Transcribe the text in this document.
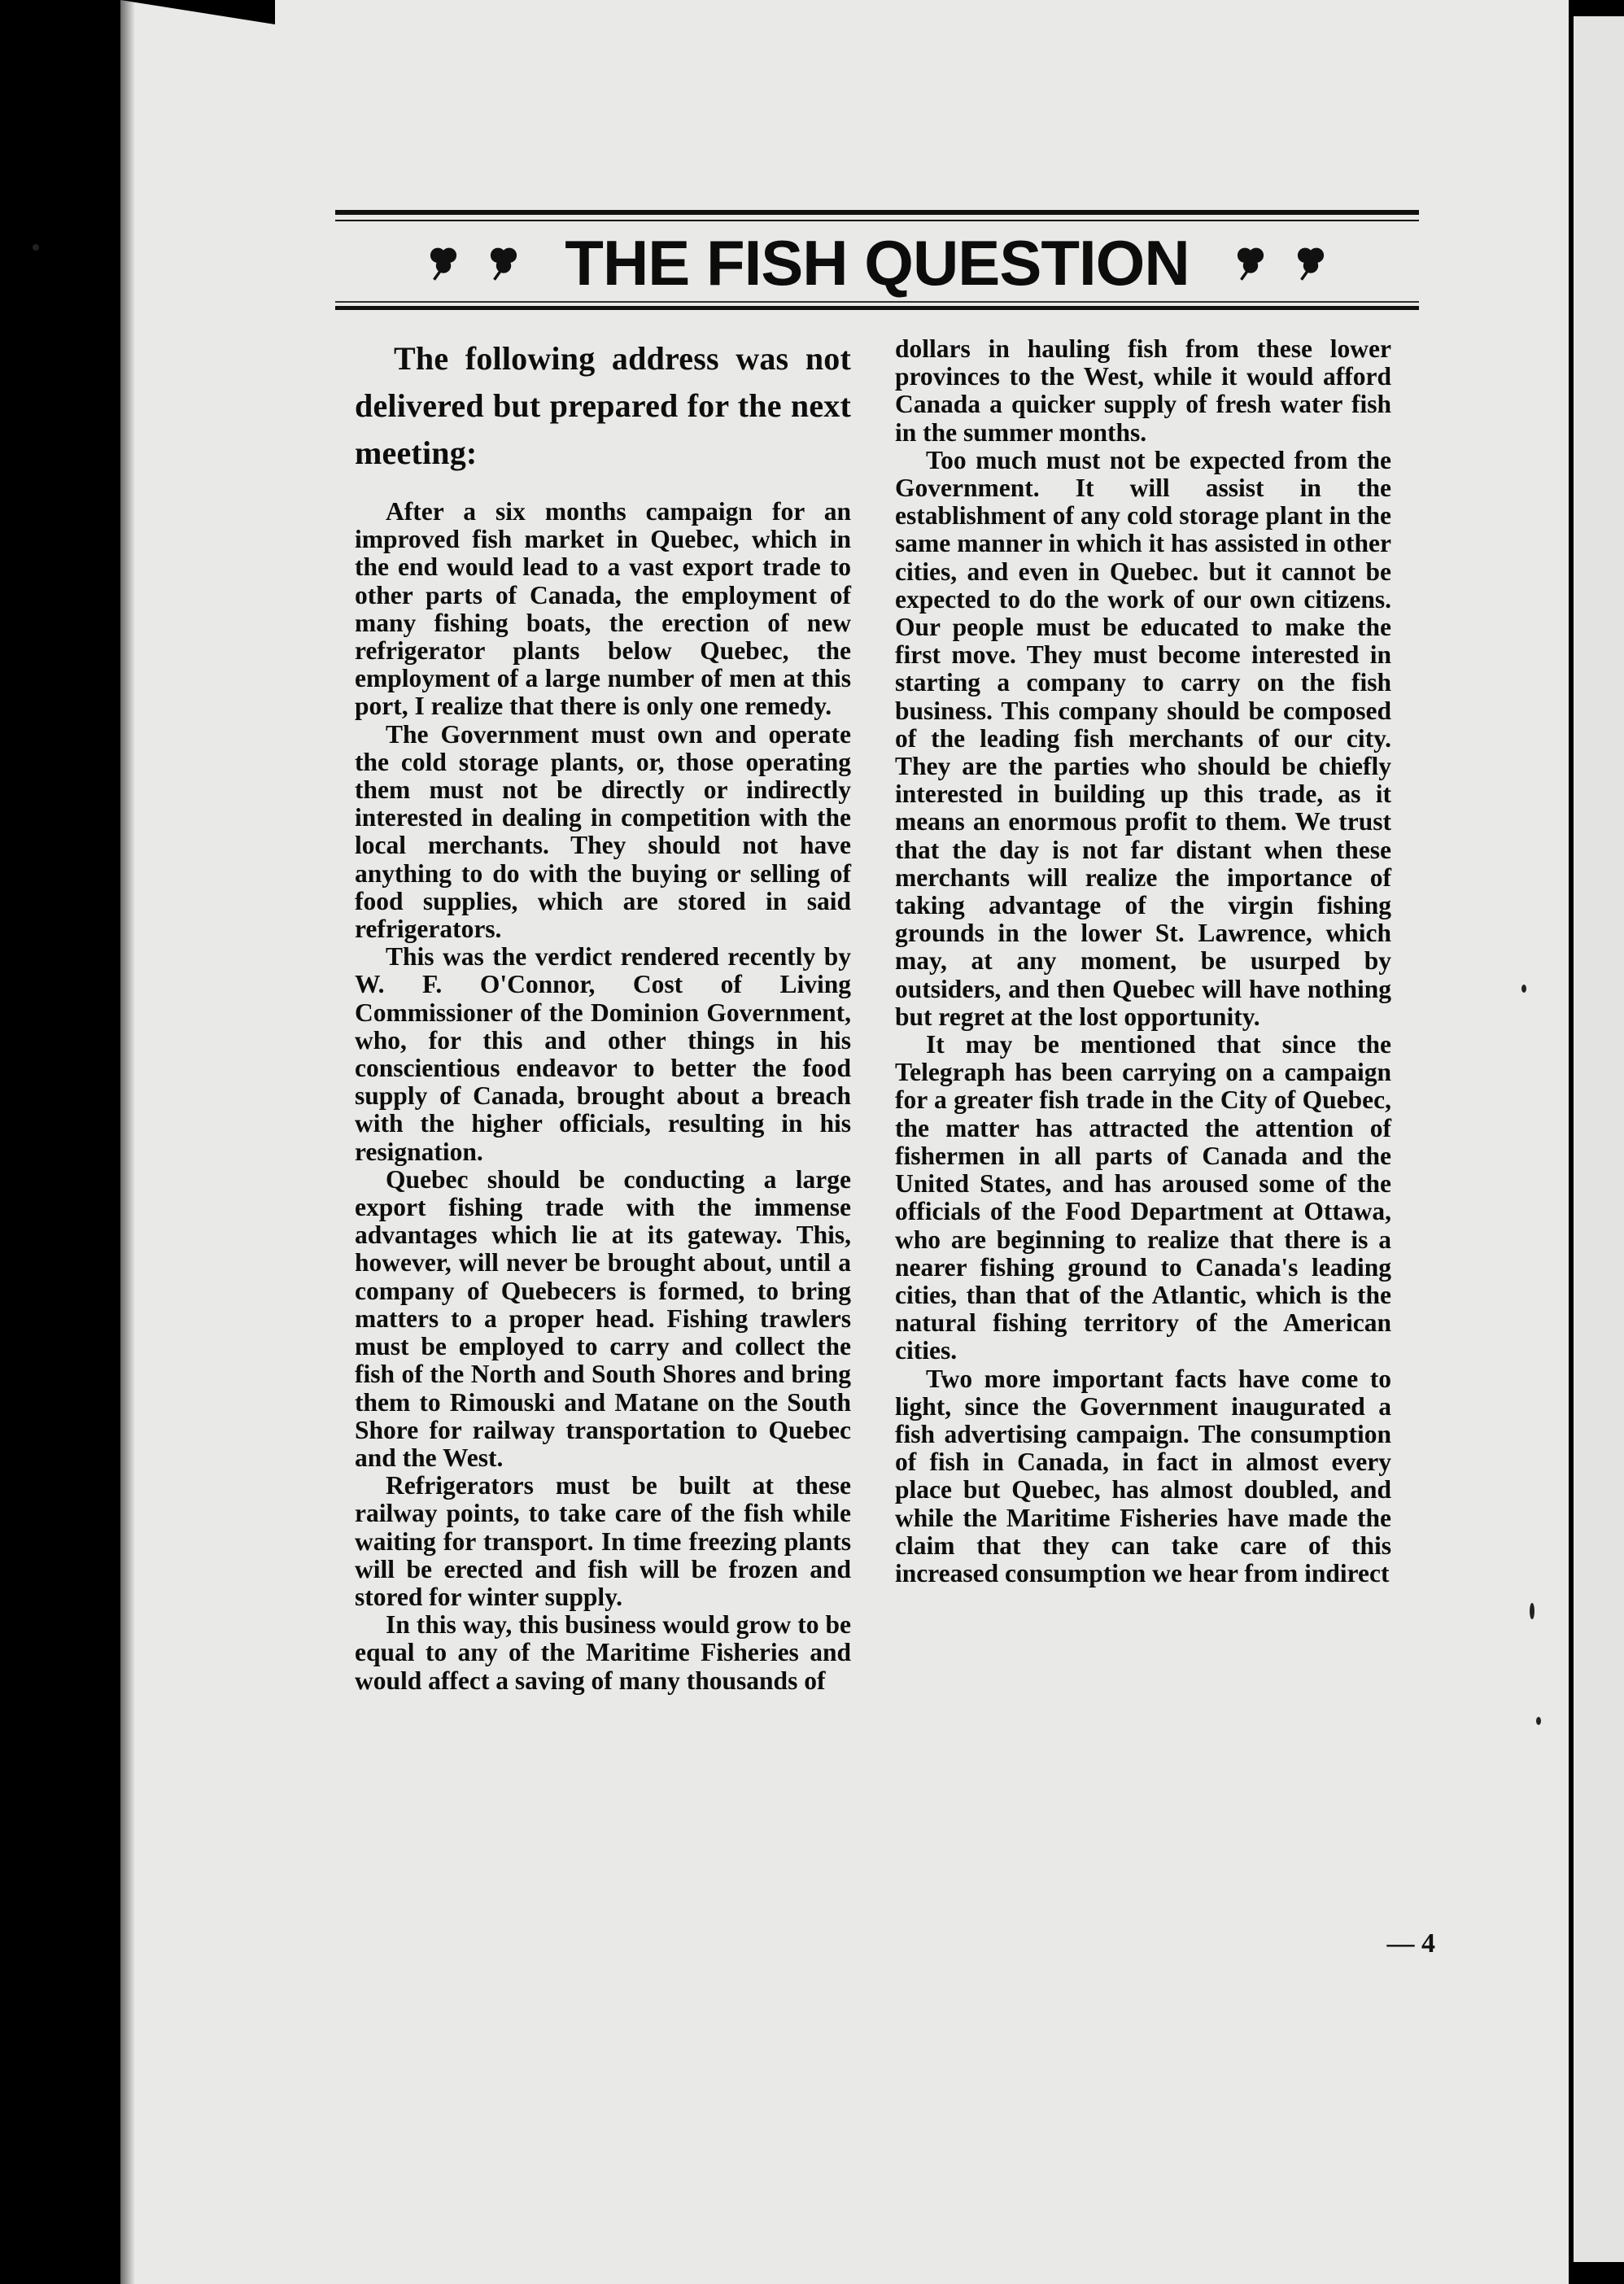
THE FISH QUESTION

The following address was not delivered but prepared for the next meeting:

After a six months campaign for an improved fish market in Quebec, which in the end would lead to a vast export trade to other parts of Canada, the employment of many fishing boats, the erection of new refrigerator plants below Quebec, the employment of a large number of men at this port, I realize that there is only one remedy.

The Government must own and operate the cold storage plants, or, those operating them must not be directly or indirectly interested in dealing in competition with the local merchants. They should not have anything to do with the buying or selling of food supplies, which are stored in said refrigerators.

This was the verdict rendered recently by W. F. O'Connor, Cost of Living Commissioner of the Dominion Government, who, for this and other things in his conscientious endeavor to better the food supply of Canada, brought about a breach with the higher officials, resulting in his resignation.

Quebec should be conducting a large export fishing trade with the immense advantages which lie at its gateway. This, however, will never be brought about, until a company of Quebecers is formed, to bring matters to a proper head. Fishing trawlers must be employed to carry and collect the fish of the North and South Shores and bring them to Rimouski and Matane on the South Shore for railway transportation to Quebec and the West.

Refrigerators must be built at these railway points, to take care of the fish while waiting for transport. In time freezing plants will be erected and fish will be frozen and stored for winter supply.

In this way, this business would grow to be equal to any of the Maritime Fisheries and would affect a saving of many thousands of

dollars in hauling fish from these lower provinces to the West, while it would afford Canada a quicker supply of fresh water fish in the summer months.

Too much must not be expected from the Government. It will assist in the establishment of any cold storage plant in the same manner in which it has assisted in other cities, and even in Quebec. but it cannot be expected to do the work of our own citizens. Our people must be educated to make the first move. They must become interested in starting a company to carry on the fish business. This company should be composed of the leading fish merchants of our city. They are the parties who should be chiefly interested in building up this trade, as it means an enormous profit to them. We trust that the day is not far distant when these merchants will realize the importance of taking advantage of the virgin fishing grounds in the lower St. Lawrence, which may, at any moment, be usurped by outsiders, and then Quebec will have nothing but regret at the lost opportunity.

It may be mentioned that since the Telegraph has been carrying on a campaign for a greater fish trade in the City of Quebec, the matter has attracted the attention of fishermen in all parts of Canada and the United States, and has aroused some of the officials of the Food Department at Ottawa, who are beginning to realize that there is a nearer fishing ground to Canada's leading cities, than that of the Atlantic, which is the natural fishing territory of the American cities.

Two more important facts have come to light, since the Government inaugurated a fish advertising campaign. The consumption of fish in Canada, in fact in almost every place but Quebec, has almost doubled, and while the Maritime Fisheries have made the claim that they can take care of this increased consumption we hear from indirect

— 4
